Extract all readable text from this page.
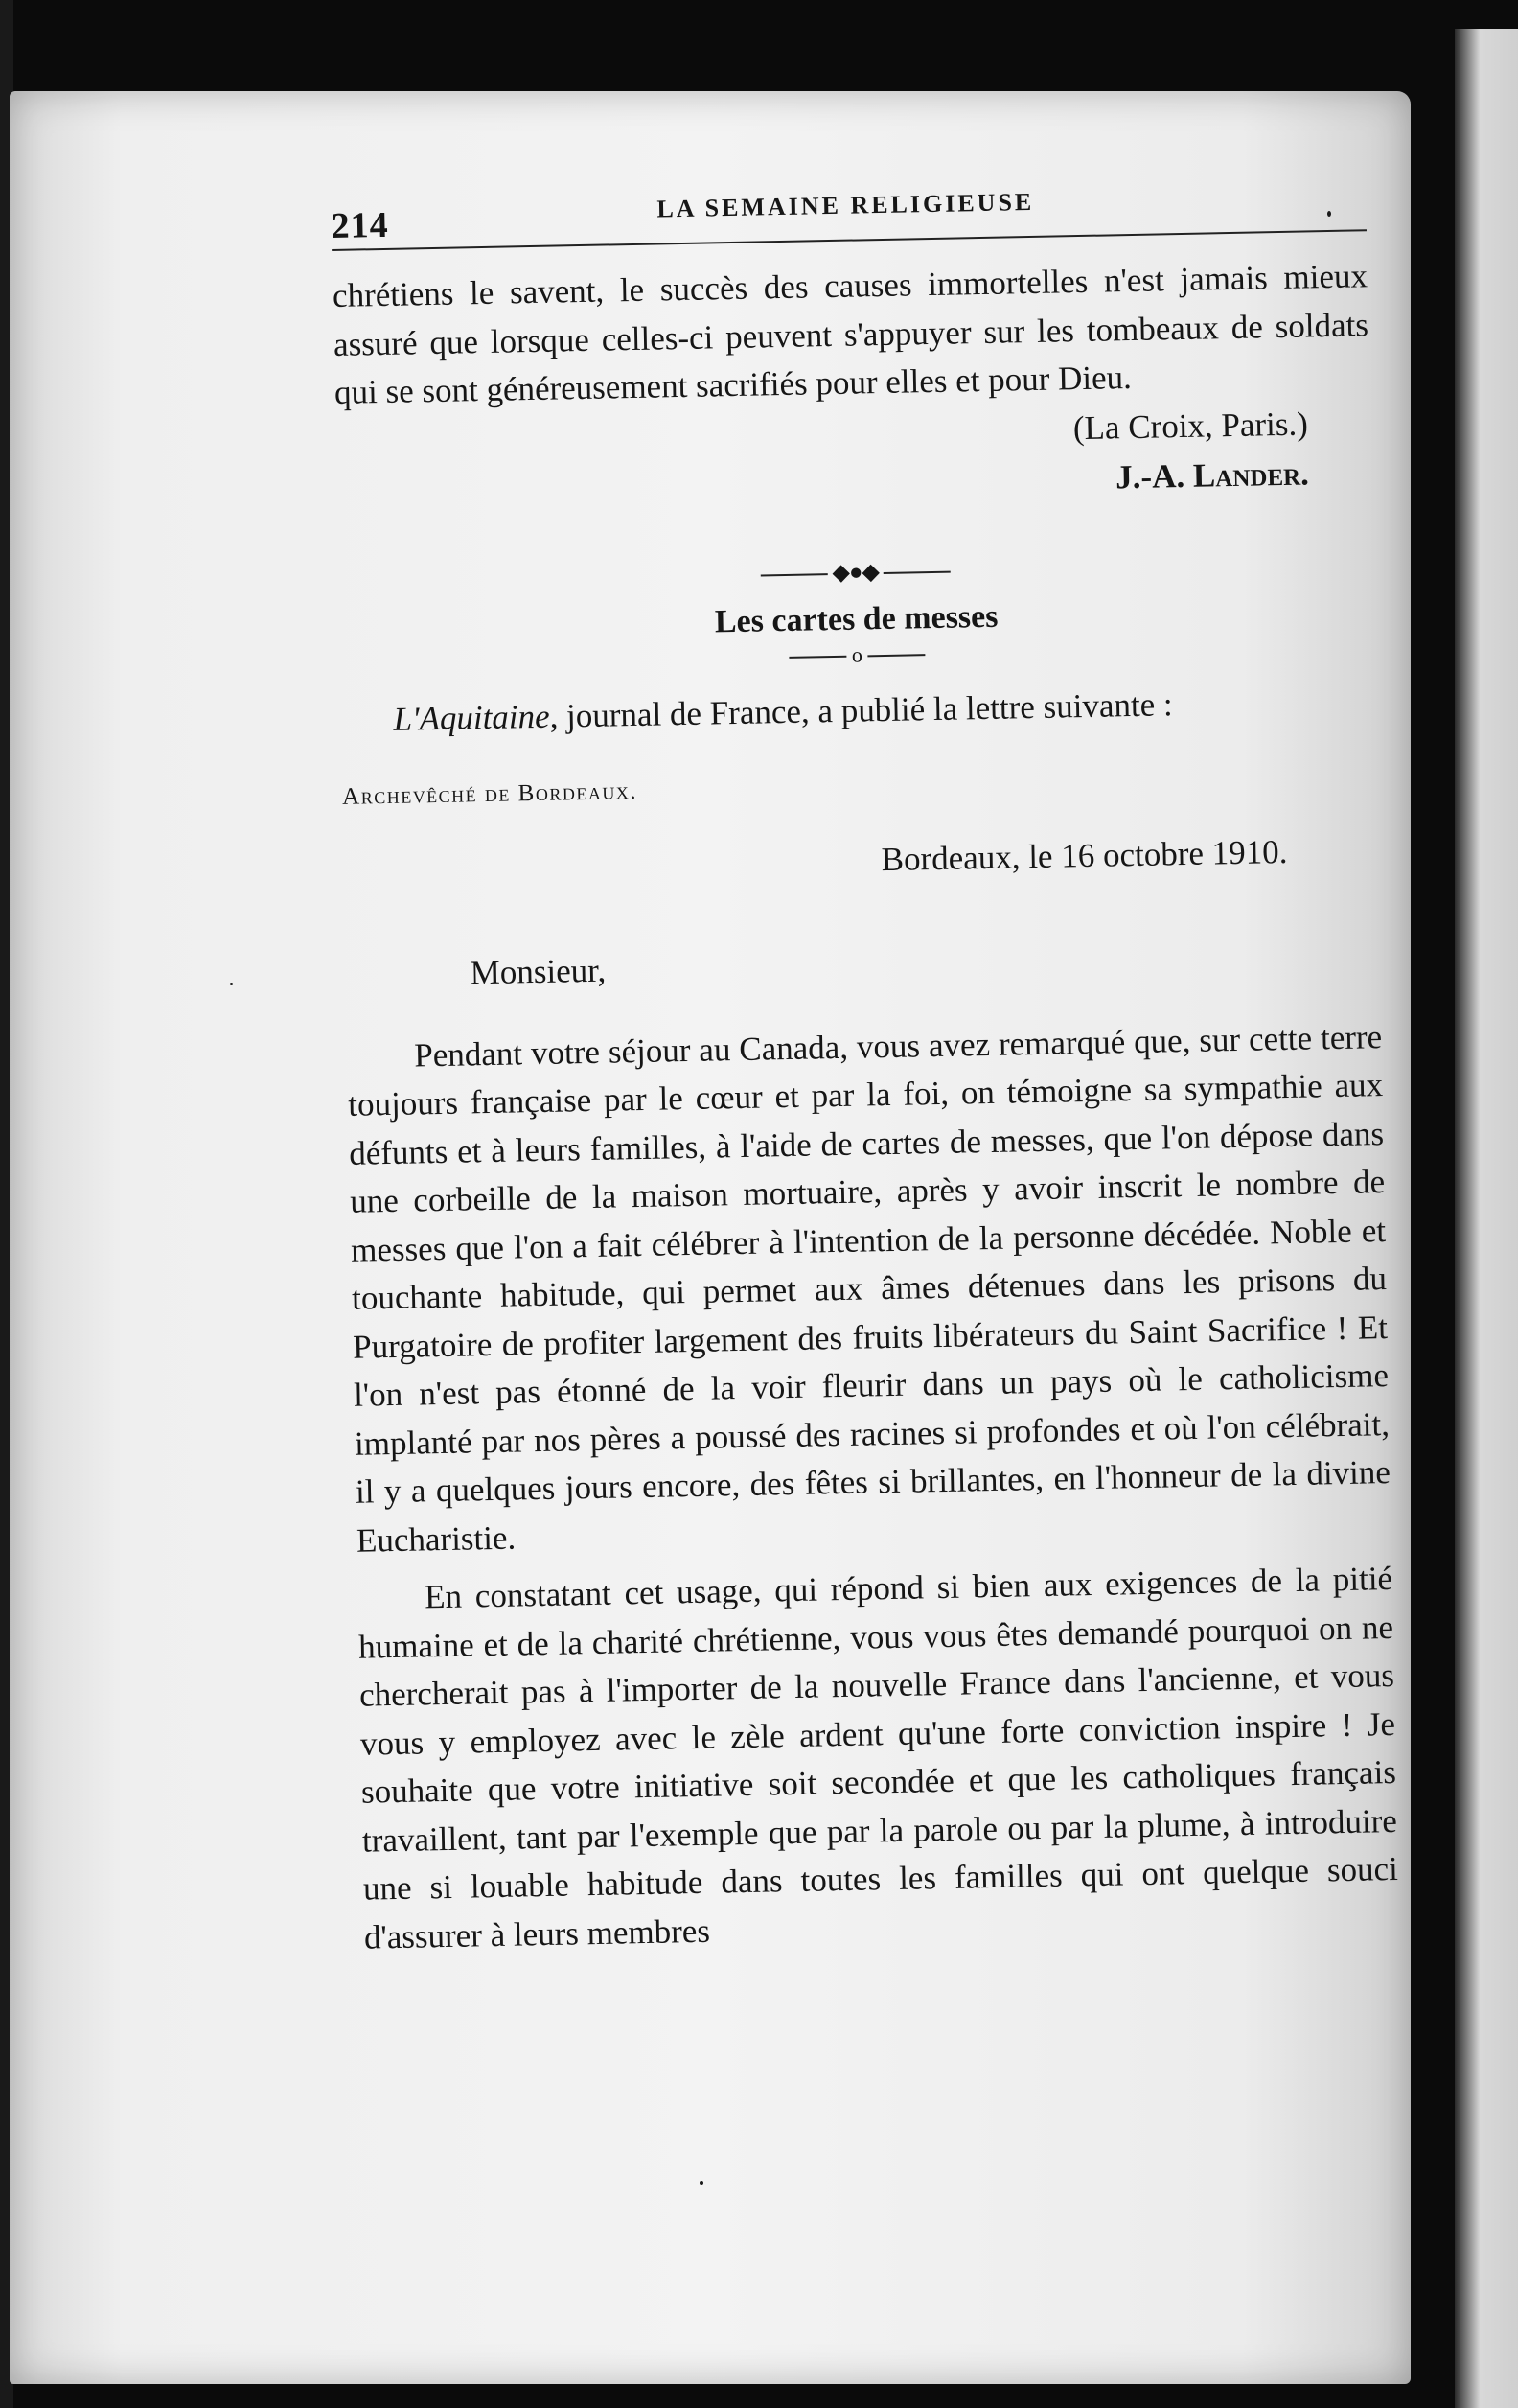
214	LA SEMAINE RELIGIEUSE

chrétiens le savent, le succès des causes immortelles n'est jamais mieux assuré que lorsque celles-ci peuvent s'appuyer sur les tombeaux de soldats qui se sont généreusement sacrifiés pour elles et pour Dieu.

(La Croix, Paris.)
J.-A. Lander.
◆●◆
Les cartes de messes
o

L'Aquitaine, journal de France, a publié la lettre suivante :

Archevêché de Bordeaux.
Bordeaux, le 16 octobre 1910.
Monsieur,

Pendant votre séjour au Canada, vous avez remarqué que, sur cette terre toujours française par le cœur et par la foi, on témoigne sa sympathie aux défunts et à leurs familles, à l'aide de cartes de messes, que l'on dépose dans une corbeille de la maison mortuaire, après y avoir inscrit le nombre de messes que l'on a fait célébrer à l'intention de la personne décédée. Noble et touchante habitude, qui permet aux âmes détenues dans les prisons du Purgatoire de profiter largement des fruits libérateurs du Saint Sacrifice ! Et l'on n'est pas étonné de la voir fleurir dans un pays où le catholicisme implanté par nos pères a poussé des racines si profondes et où l'on célébrait, il y a quelques jours encore, des fêtes si brillantes, en l'honneur de la divine Eucharistie.

En constatant cet usage, qui répond si bien aux exigences de la pitié humaine et de la charité chrétienne, vous vous êtes demandé pourquoi on ne chercherait pas à l'importer de la nouvelle France dans l'ancienne, et vous vous y employez avec le zèle ardent qu'une forte conviction inspire ! Je souhaite que votre initiative soit secondée et que les catholiques français travaillent, tant par l'exemple que par la parole ou par la plume, à introduire une si louable habitude dans toutes les familles qui ont quelque souci d'assurer à leurs membres
